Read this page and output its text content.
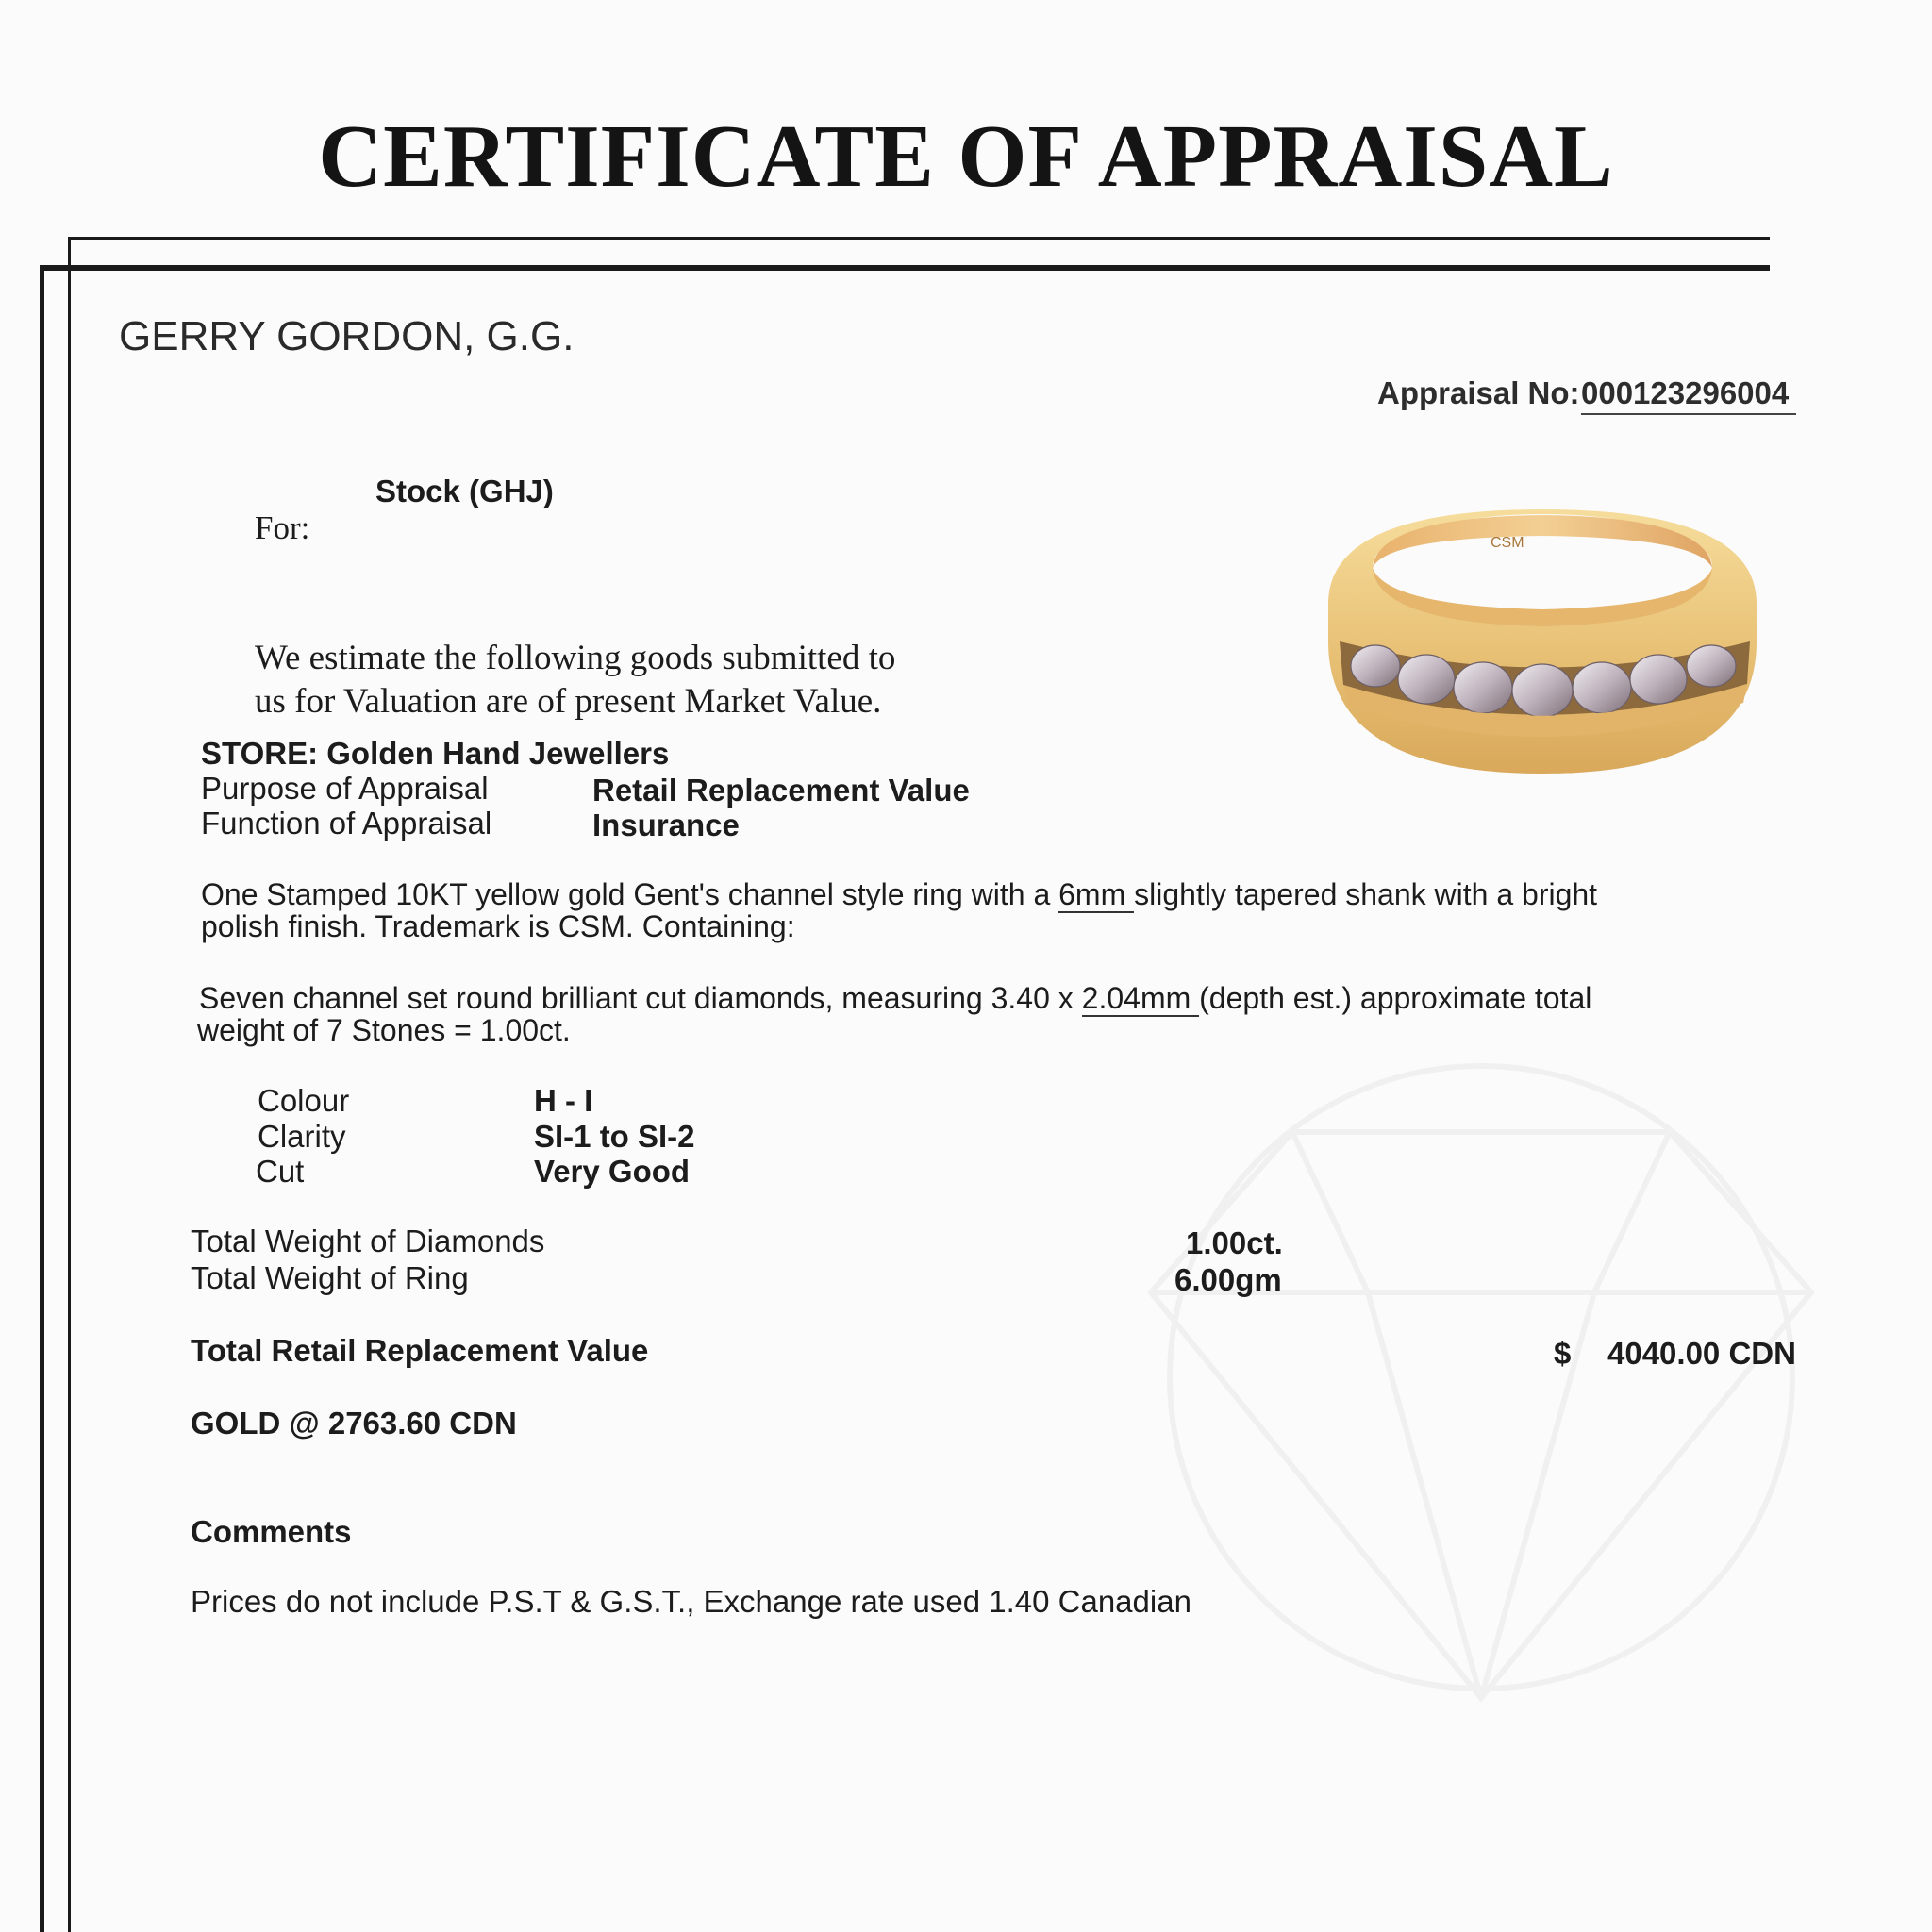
CERTIFICATE OF APPRAISAL
GERRY GORDON, G.G.
Appraisal No: 000123296004
Stock (GHJ)
For:
We estimate the following goods submitted to
us for Valuation are of present Market Value.
STORE: Golden Hand Jewellers
Purpose of Appraisal	Retail Replacement Value
Function of Appraisal	Insurance
One Stamped 10KT yellow gold Gent's channel style ring with a 6mm slightly tapered shank with a bright
polish finish. Trademark is CSM. Containing:
Seven channel set round brilliant cut diamonds, measuring 3.40 x 2.04mm (depth est.) approximate total
weight of 7 Stones = 1.00ct.
Colour	H - I
Clarity	SI-1 to SI-2
Cut	Very Good
Total Weight of Diamonds	1.00ct.
Total Weight of Ring	6.00gm
Total Retail Replacement Value	$ 4040.00 CDN
GOLD @ 2763.60 CDN
Comments
Prices do not include P.S.T & G.S.T., Exchange rate used 1.40 Canadian
CSM
